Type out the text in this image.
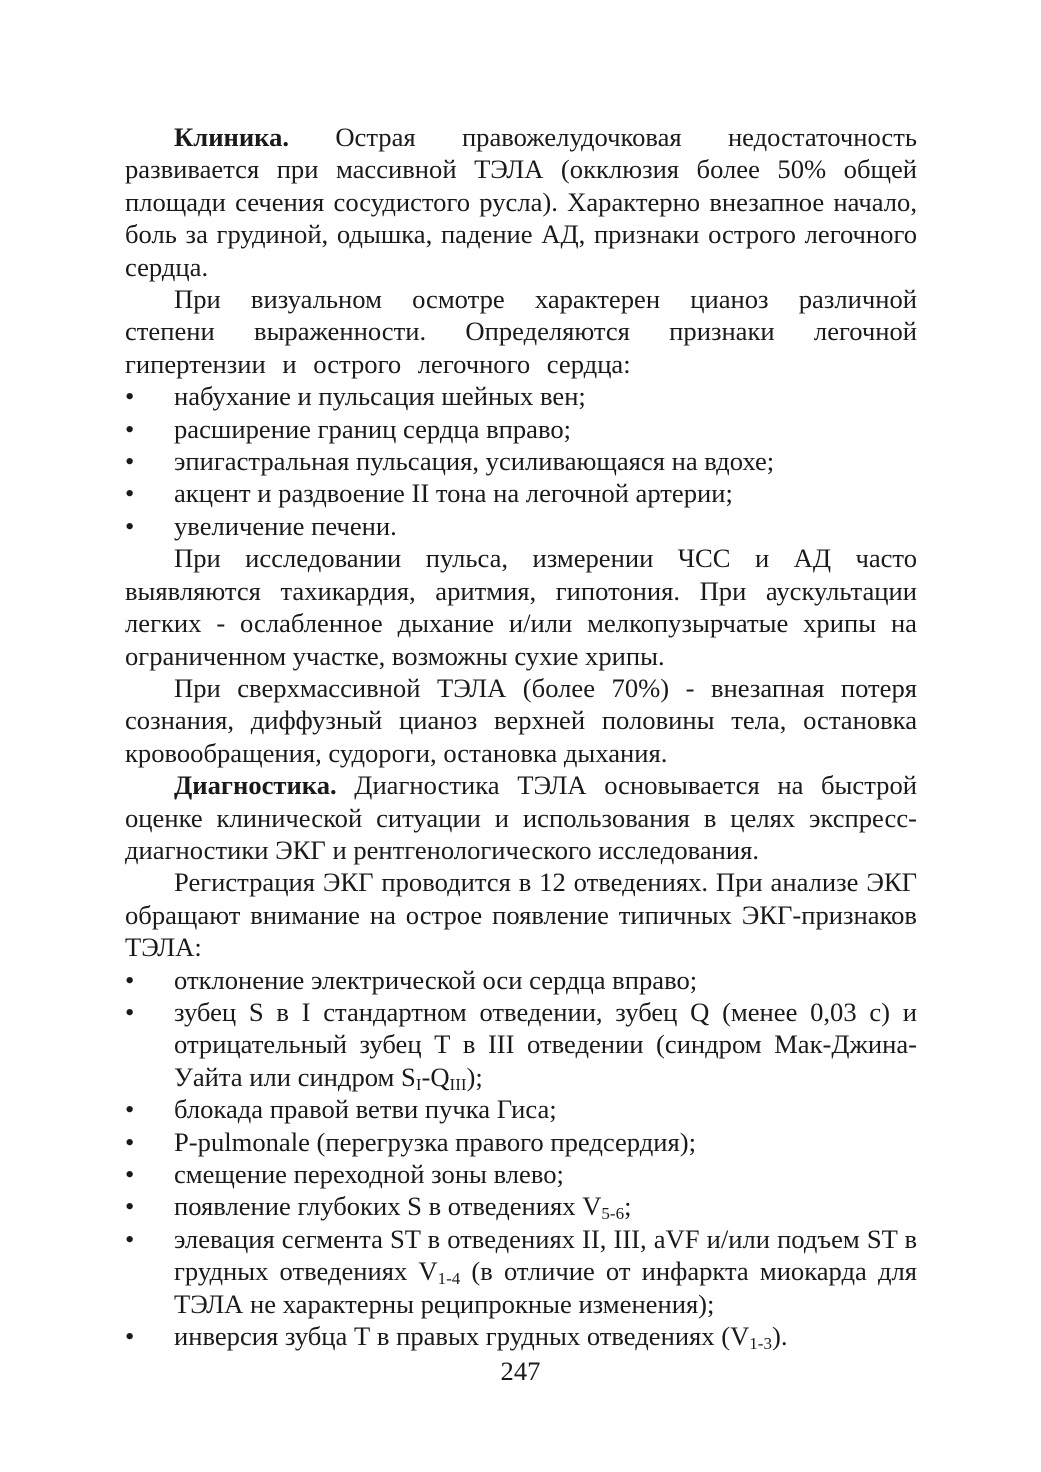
Клиника. Острая правожелудочковая недостаточность развивается при массивной ТЭЛА (окклюзия более 50% общей площади сечения сосудистого русла). Характерно внезапное начало, боль за грудиной, одышка, падение АД, признаки острого легочного сердца.

При визуальном осмотре характерен цианоз различной степени выраженности. Определяются признаки легочной гипертензии и острого легочного сердца:

•	набухание и пульсация шейных вен;
•	расширение границ сердца вправо;
•	эпигастральная пульсация, усиливающаяся на вдохе;
•	акцент и раздвоение II тона на легочной артерии;
•	увеличение печени.

При исследовании пульса, измерении ЧСС и АД часто выявляются тахикардия, аритмия, гипотония. При аускультации легких - ослабленное дыхание и/или мелкопузырчатые хрипы на ограниченном участке, возможны сухие хрипы.

При сверхмассивной ТЭЛА (более 70%) - внезапная потеря сознания, диффузный цианоз верхней половины тела, остановка кровообращения, судороги, остановка дыхания.

Диагностика. Диагностика ТЭЛА основывается на быстрой оценке клинической ситуации и использования в целях экспресс-диагностики ЭКГ и рентгенологического исследования.

Регистрация ЭКГ проводится в 12 отведениях. При анализе ЭКГ обращают внимание на острое появление типичных ЭКГ-признаков ТЭЛА:

•	отклонение электрической оси сердца вправо;
•	зубец S в I стандартном отведении, зубец Q (менее 0,03 с) и отрицательный зубец Т в III отведении (синдром Мак-Джина-Уайта или синдром $S_I-Q_{III}$);
•	блокада правой ветви пучка Гиса;
•	P-pulmonale (перегрузка правого предсердия);
•	смещение переходной зоны влево;
•	появление глубоких S в отведениях $V_{5-6}$;
•	элевация сегмента ST в отведениях II, III, aVF и/или подъем ST в грудных отведениях $V_{1-4}$ (в отличие от инфаркта миокарда для ТЭЛА не характерны реципрокные изменения);
•	инверсия зубца Т в правых грудных отведениях $(V_{1-3})$.
247
